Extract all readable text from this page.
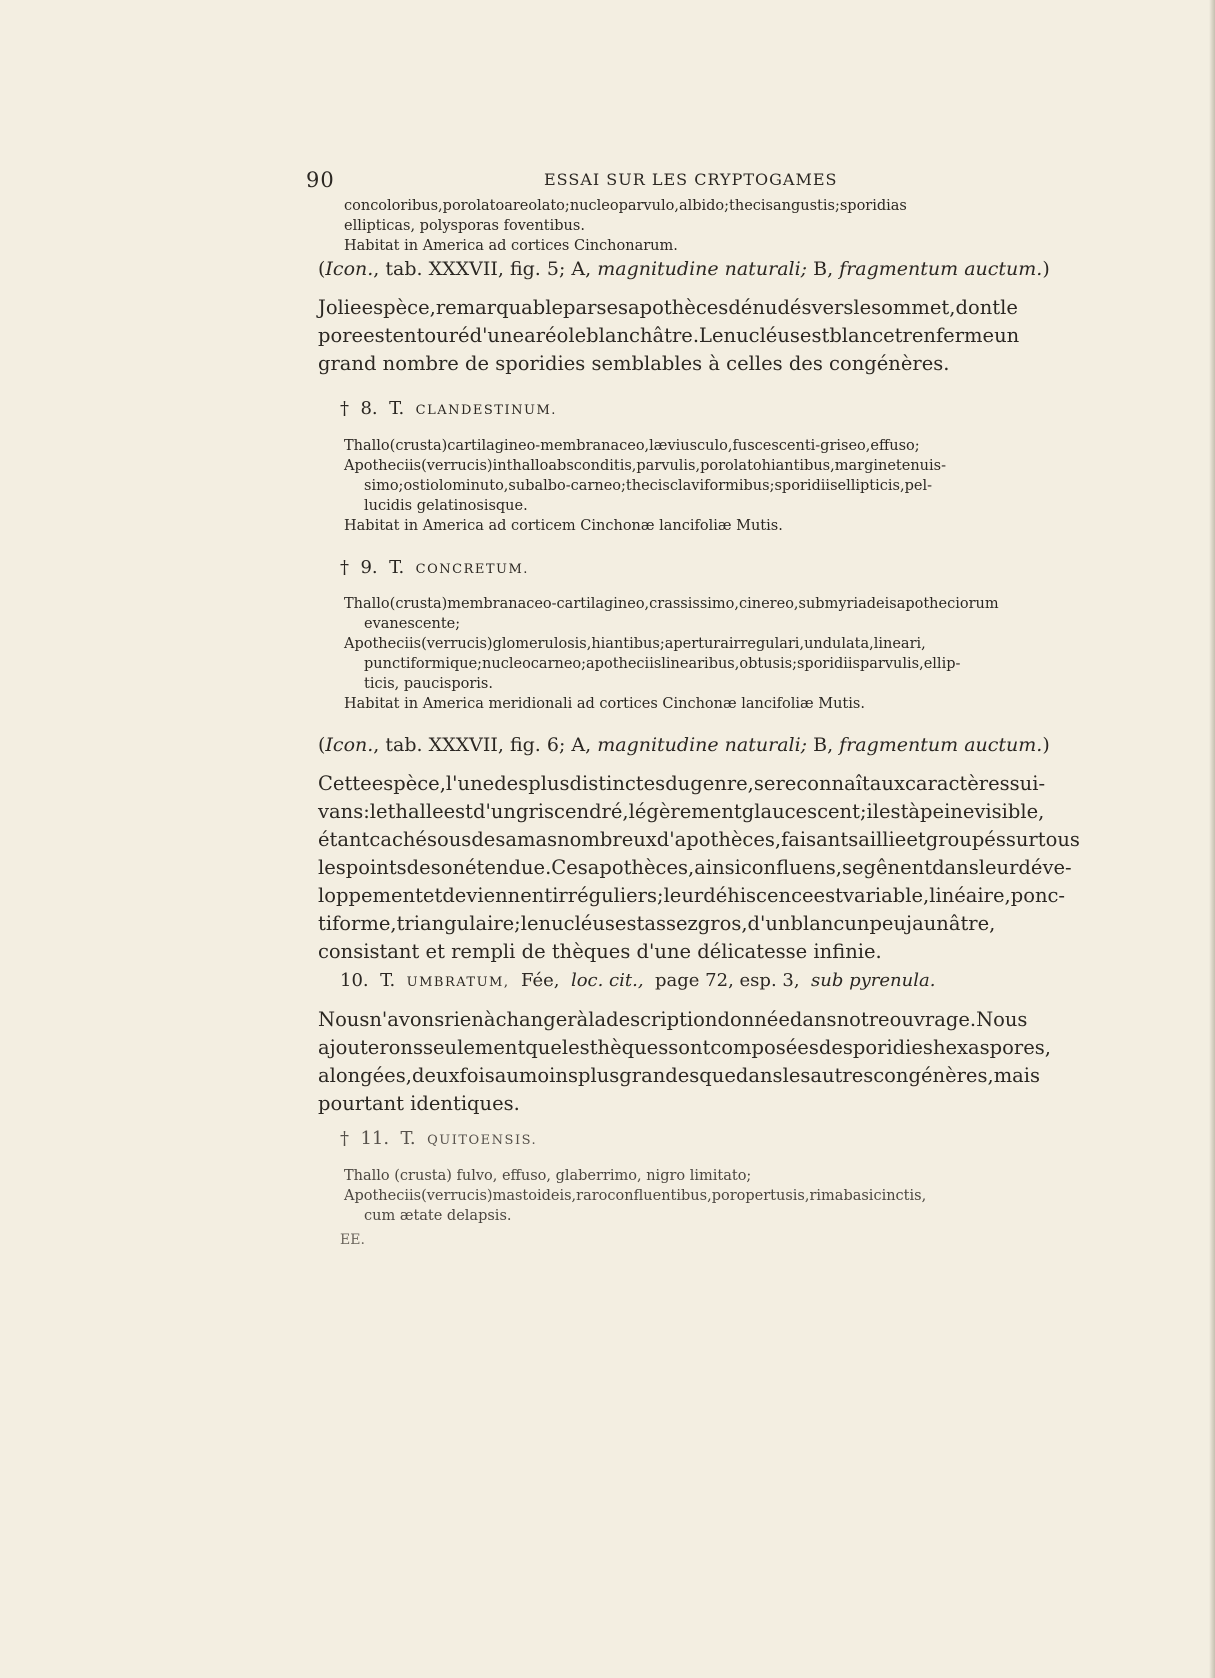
90	ESSAI SUR LES CRYPTOGAMES
concoloribus, poro lato areolato; nucleo parvulo, albido; thecis angustis; sporidias
ellipticas, polysporas foventibus.
Habitat in America ad cortices Cinchonarum.
(Icon., tab. XXXVII, fig. 5; A, magnitudine naturali; B, fragmentum auctum.)
Jolie espèce, remarquable par ses apothèces dénudés vers le sommet, dont le
pore est entouré d'une aréole blanchâtre. Le nucléus est blanc et renferme un
grand nombre de sporidies semblables à celles des congénères.
† 8. T. CLANDESTINUM.
Thallo (crusta) cartilagineo-membranaceo, læviusculo, fuscescenti-griseo, effuso;
Apotheciis (verrucis) in thallo absconditis, parvulis, poro lato hiantibus, margine tenuis-
simo; ostiolo minuto, subalbo-carneo; thecis claviformibus; sporidiis ellipticis, pel-
lucidis gelatinosisque.
Habitat in America ad corticem Cinchonæ lancifoliæ Mutis.
† 9. T. CONCRETUM.
Thallo (crusta) membranaceo-cartilagineo, crassissimo, cinereo, sub myriadeis apotheciorum
evanescente;
Apotheciis (verrucis) glomerulosis, hiantibus; apertura irregulari, undulata, lineari,
punctiformique; nucleo carneo; apotheciis linearibus, obtusis; sporidiis parvulis, ellip-
ticis, paucisporis.
Habitat in America meridionali ad cortices Cinchonæ lancifoliæ Mutis.
(Icon., tab. XXXVII, fig. 6; A, magnitudine naturali; B, fragmentum auctum.)
Cette espèce, l'une des plus distinctes du genre, se reconnaît aux caractères sui-
vans : le thalle est d'un gris cendré, légèrement glaucescent; il est à peine visible,
étant caché sous des amas nombreux d'apothèces, faisant saillie et groupés sur tous
les points de son étendue. Ces apothèces, ainsi confluens, se gênent dans leur déve-
loppement et deviennent irréguliers; leur déhiscence est variable, linéaire, ponc-
tiforme, triangulaire; le nucléus est assez gros, d'un blanc un peu jaunâtre,
consistant et rempli de thèques d'une délicatesse infinie.
10. T. UMBRATUM, Fée, loc. cit., page 72, esp. 3, sub pyrenula.
Nous n'avons rien à changer à la description donnée dans notre ouvrage. Nous
ajouterons seulement que les thèques sont composées de sporidies hexaspores,
alongées, deux fois au moins plus grandes que dans les autres congénères, mais
pourtant identiques.
† 11. T. QUITOENSIS.
Thallo (crusta) fulvo, effuso, glaberrimo, nigro limitato;
Apotheciis (verrucis) mastoideis, raro confluentibus, poro pertusis, rima basi cinctis,
cum ætate delapsis.
EE.
